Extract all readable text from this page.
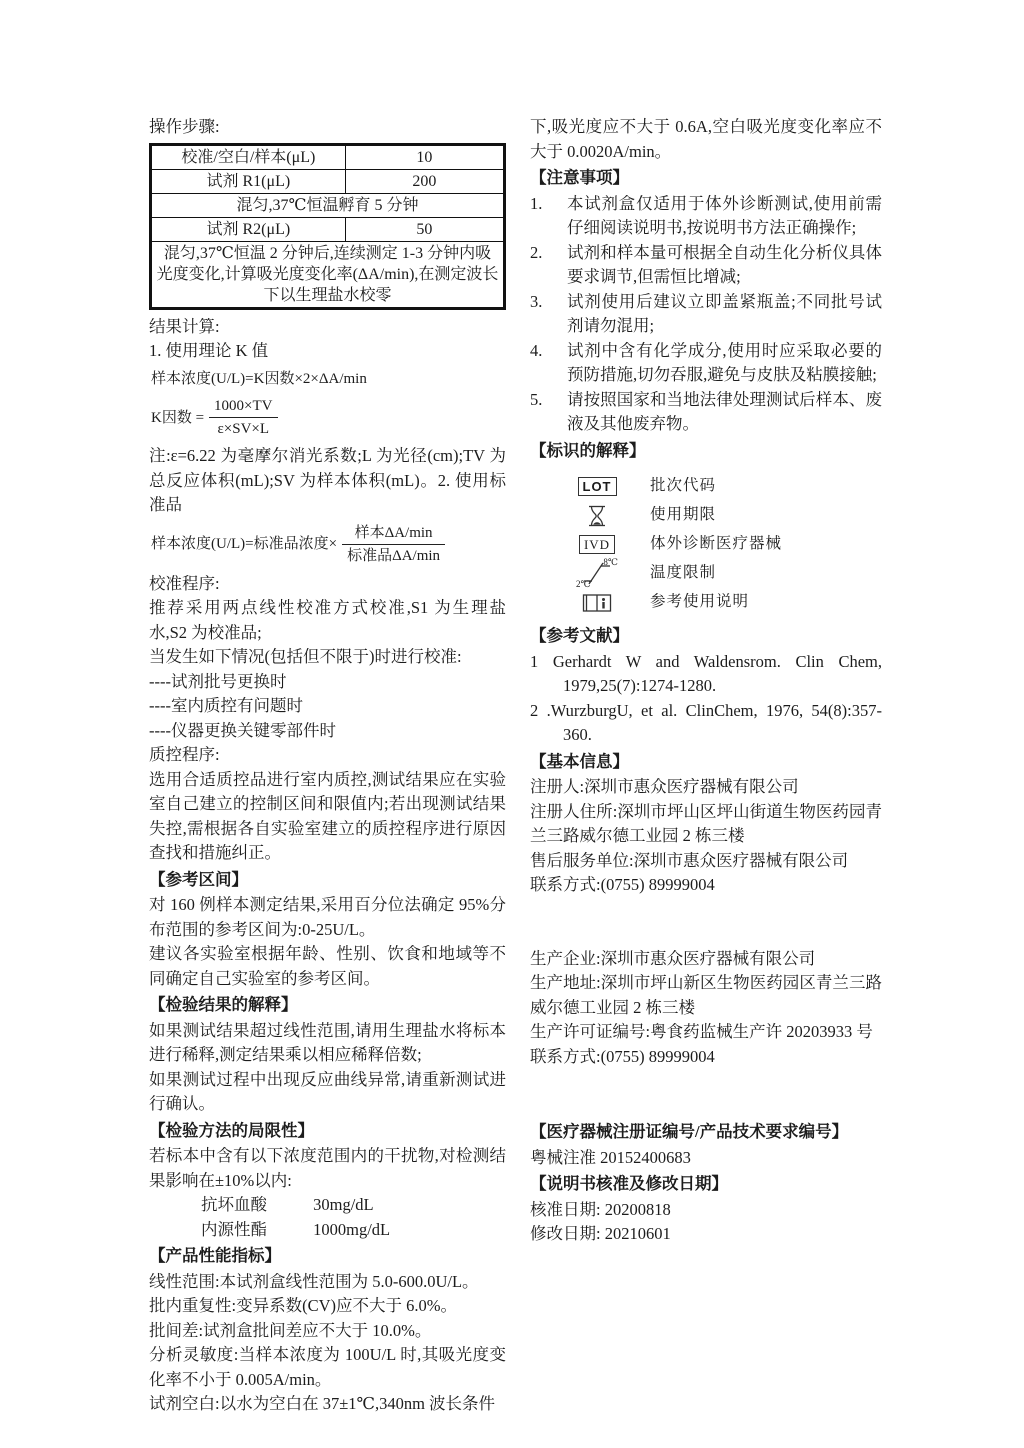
操作步骤:

校准/空白/样本(μL)	10
试剂 R1(μL)	200
混匀,37℃恒温孵育 5 分钟	
试剂 R2(μL)	50
混匀,37℃恒温 2 分钟后,连续测定 1-3 分钟内吸光度变化,计算吸光度变化率(ΔA/min),在测定波长下以生理盐水校零	

结果计算:

1. 使用理论 K 值

样本浓度(U/L)=K因数×2×ΔA/min

K因数 = $\frac{1000\times TV}{\varepsilon\times SV\times L}$

注:ε=6.22 为毫摩尔消光系数;L 为光径(cm);TV 为总反应体积(mL);SV 为样本体积(mL)。2. 使用标准品

样本浓度(U/L)=标准品浓度× $\frac{\text{样本ΔA/min}}{\text{标准品ΔA/min}}$

校准程序:

推荐采用两点线性校准方式校准,S1 为生理盐水,S2 为校准品;

当发生如下情况(包括但不限于)时进行校准:

----试剂批号更换时

----室内质控有问题时

----仪器更换关键零部件时

质控程序:

选用合适质控品进行室内质控,测试结果应在实验室自己建立的控制区间和限值内;若出现测试结果失控,需根据各自实验室建立的质控程序进行原因查找和措施纠正。

【参考区间】

对 160 例样本测定结果,采用百分位法确定 95%分布范围的参考区间为:0-25U/L。

建议各实验室根据年龄、性别、饮食和地域等不同确定自己实验室的参考区间。

【检验结果的解释】

如果测试结果超过线性范围,请用生理盐水将标本进行稀释,测定结果乘以相应稀释倍数;

如果测试过程中出现反应曲线异常,请重新测试进行确认。

【检验方法的局限性】

若标本中含有以下浓度范围内的干扰物,对检测结果影响在±10%以内:

抗坏血酸	30mg/dL

内源性酯	1000mg/dL

【产品性能指标】

线性范围:本试剂盒线性范围为 5.0-600.0U/L。

批内重复性:变异系数(CV)应不大于 6.0%。

批间差:试剂盒批间差应不大于 10.0%。

分析灵敏度:当样本浓度为 100U/L 时,其吸光度变化率不小于 0.005A/min。

试剂空白:以水为空白在 37±1℃,340nm 波长条件

下,吸光度应不大于 0.6A,空白吸光度变化率应不大于 0.0020A/min。

【注意事项】

1.	本试剂盒仅适用于体外诊断测试,使用前需仔细阅读说明书,按说明书方法正确操作;
2.	试剂和样本量可根据全自动生化分析仪具体要求调节,但需恒比增减;
3.	试剂使用后建议立即盖紧瓶盖;不同批号试剂请勿混用;
4.	试剂中含有化学成分,使用时应采取必要的预防措施,切勿吞服,避免与皮肤及粘膜接触;
5.	请按照国家和当地法律处理测试后样本、废液及其他废弃物。

【标识的解释】

LOT	批次代码
使用期限
IVD	体外诊断医疗器械
8℃
2℃
温度限制
参考使用说明

【参考文献】

1 Gerhardt W and Waldensrom. Clin Chem, 1979,25(7):1274-1280.

2 .WurzburgU, et al. ClinChem, 1976, 54(8):357-360.

【基本信息】

注册人:深圳市惠众医疗器械有限公司

注册人住所:深圳市坪山区坪山街道生物医药园青兰三路威尔德工业园 2 栋三楼

售后服务单位:深圳市惠众医疗器械有限公司

联系方式:(0755) 89999004

生产企业:深圳市惠众医疗器械有限公司

生产地址:深圳市坪山新区生物医药园区青兰三路威尔德工业园 2 栋三楼

生产许可证编号:粤食药监械生产许 20203933 号

联系方式:(0755) 89999004

【医疗器械注册证编号/产品技术要求编号】

粤械注准 20152400683

【说明书核准及修改日期】

核准日期: 20200818

修改日期: 20210601
